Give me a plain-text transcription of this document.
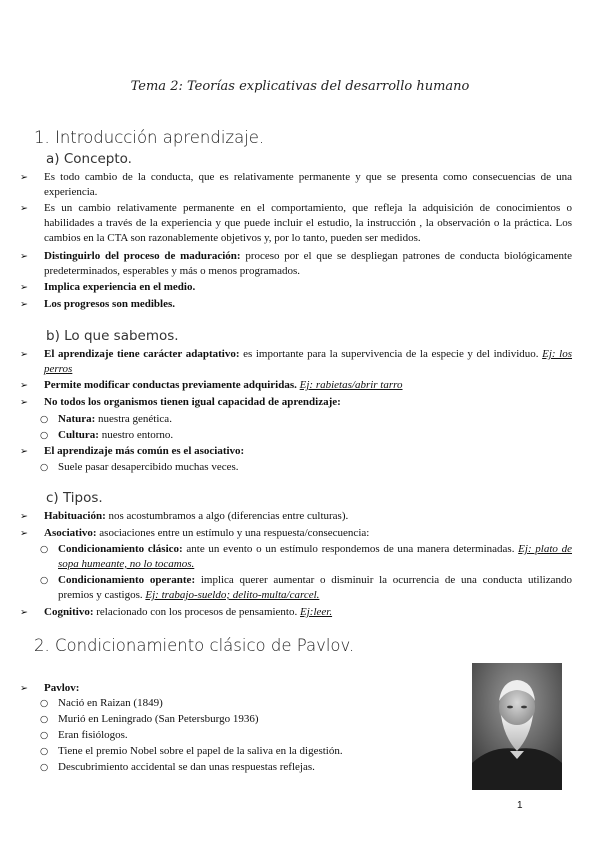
Tema 2: Teorías explicativas del desarrollo humano
1. Introducción aprendizaje.
a) Concepto.
➢ Es todo cambio de la conducta, que es relativamente permanente y que se presenta como consecuencias de una experiencia.
➢ Es un cambio relativamente permanente en el comportamiento, que refleja la adquisición de conocimientos o habilidades a través de la experiencia y que puede incluir el estudio, la instrucción , la observación o la práctica. Los cambios en la CTA son razonablemente objetivos y, por lo tanto, pueden ser medidos.
➢ Distinguirlo del proceso de maduración: proceso por el que se despliegan patrones de conducta biológicamente predeterminados, esperables y más o menos programados.
➢ Implica experiencia en el medio.
➢ Los progresos son medibles.
b) Lo que sabemos.
➢ El aprendizaje tiene carácter adaptativo: es importante para la supervivencia de la especie y del individuo. Ej: los perros
➢ Permite modificar conductas previamente adquiridas. Ej: rabietas/abrir tarro
➢ No todos los organismos tienen igual capacidad de aprendizaje:
○ Natura: nuestra genética.
○ Cultura: nuestro entorno.
➢ El aprendizaje más común es el asociativo:
○ Suele pasar desapercibido muchas veces.
c) Tipos.
➢ Habituación: nos acostumbramos a algo (diferencias entre culturas).
➢ Asociativo: asociaciones entre un estímulo y una respuesta/consecuencia:
○ Condicionamiento clásico: ante un evento o un estímulo respondemos de una manera determinadas. Ej: plato de sopa humeante, no lo tocamos.
○ Condicionamiento operante: implica querer aumentar o disminuir la ocurrencia de una conducta utilizando premios y castigos. Ej: trabajo-sueldo; delito-multa/carcel.
➢ Cognitivo: relacionado con los procesos de pensamiento. Ej:leer.
2. Condicionamiento clásico de Pavlov.
➢ Pavlov:
○ Nació en Raizan (1849)
○ Murió en Leningrado (San Petersburgo 1936)
○ Eran fisiólogos.
○ Tiene el premio Nobel sobre el papel de la saliva en la digestión.
○ Descubrimiento accidental se dan unas respuestas reflejas.
1
